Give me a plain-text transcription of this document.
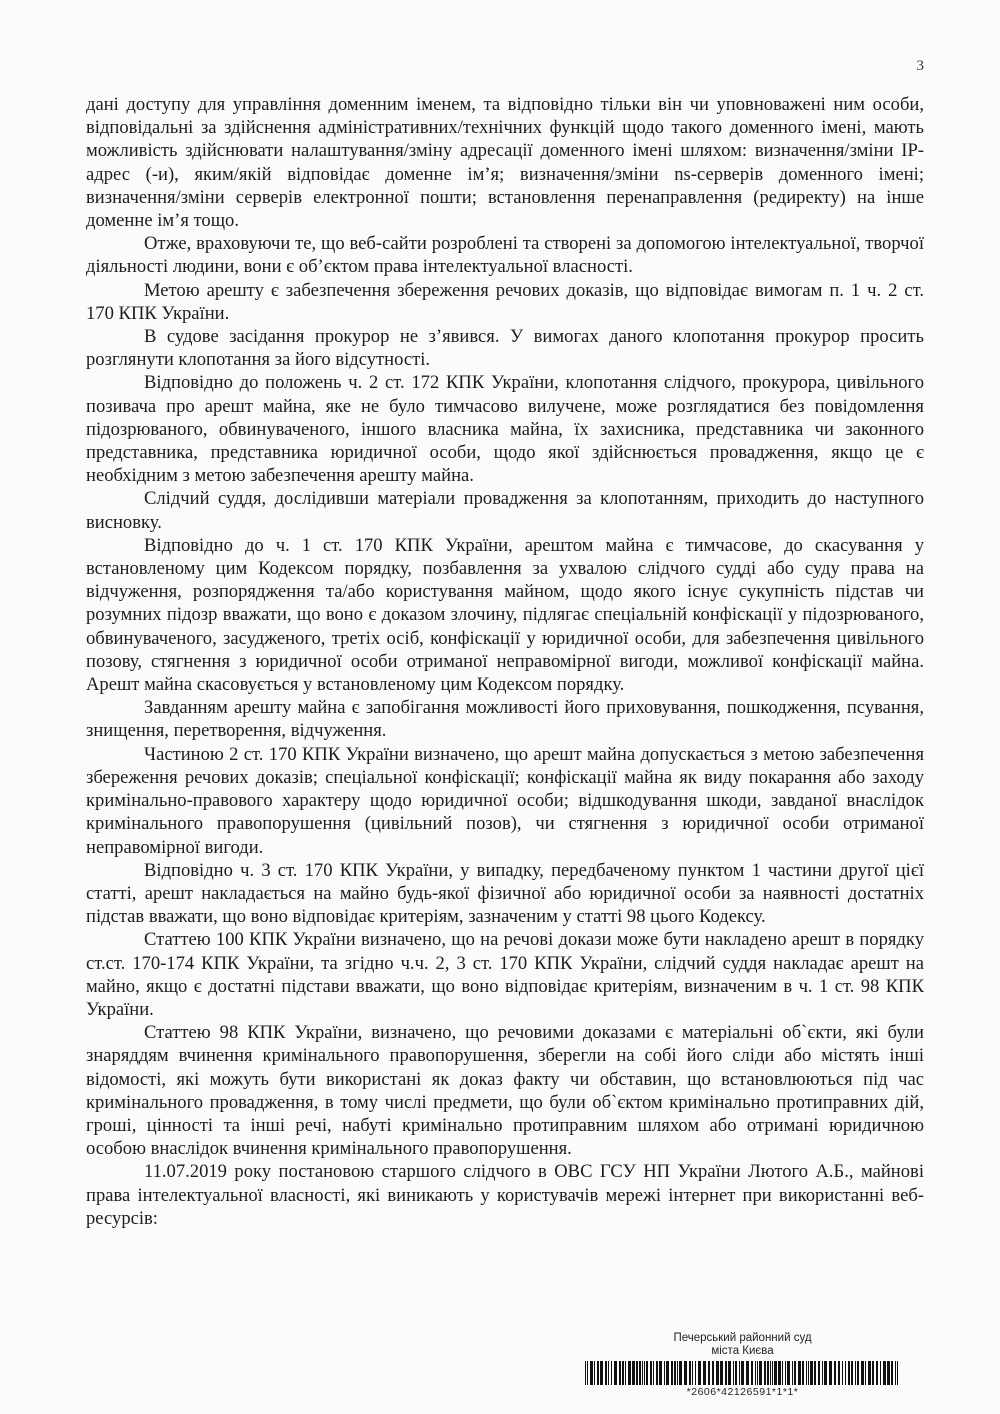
3

дані доступу для управління доменним іменем, та відповідно тільки він чи уповноважені ним особи, відповідальні за здійснення адміністративних/технічних функцій щодо такого доменного імені, мають можливість здійснювати налаштування/зміну адресації доменного імені шляхом: визначення/зміни IP-адрес (-и), яким/якій відповідає доменне ім’я; визначення/зміни ns-серверів доменного імені; визначення/зміни серверів електронної пошти; встановлення перенаправлення (редиректу) на інше доменне ім’я тощо.

Отже, враховуючи те, що веб-сайти розроблені та створені за допомогою інтелектуальної, творчої діяльності людини, вони є об’єктом права інтелектуальної власності.

Метою арешту є забезпечення збереження речових доказів, що відповідає вимогам п. 1 ч. 2 ст. 170 КПК України.

В судове засідання прокурор не з’явився. У вимогах даного клопотання прокурор просить розглянути клопотання за його відсутності.

Відповідно до положень ч. 2 ст. 172 КПК України, клопотання слідчого, прокурора, цивільного позивача про арешт майна, яке не було тимчасово вилучене, може розглядатися без повідомлення підозрюваного, обвинуваченого, іншого власника майна, їх захисника, представника чи законного представника, представника юридичної особи, щодо якої здійснюється провадження, якщо це є необхідним з метою забезпечення арешту майна.

Слідчий суддя, дослідивши матеріали провадження за клопотанням, приходить до наступного висновку.

Відповідно до ч. 1 ст. 170 КПК України, арештом майна є тимчасове, до скасування у встановленому цим Кодексом порядку, позбавлення за ухвалою слідчого судді або суду права на відчуження, розпорядження та/або користування майном, щодо якого існує сукупність підстав чи розумних підозр вважати, що воно є доказом злочину, підлягає спеціальній конфіскації у підозрюваного, обвинуваченого, засудженого, третіх осіб, конфіскації у юридичної особи, для забезпечення цивільного позову, стягнення з юридичної особи отриманої неправомірної вигоди, можливої конфіскації майна. Арешт майна скасовується у встановленому цим Кодексом порядку.

Завданням арешту майна є запобігання можливості його приховування, пошкодження, псування, знищення, перетворення, відчуження.

Частиною 2 ст. 170 КПК України визначено, що арешт майна допускається з метою забезпечення збереження речових доказів; спеціальної конфіскації; конфіскації майна як виду покарання або заходу кримінально-правового характеру щодо юридичної особи; відшкодування шкоди, завданої внаслідок кримінального правопорушення (цивільний позов), чи стягнення з юридичної особи отриманої неправомірної вигоди.

Відповідно ч. 3 ст. 170 КПК України, у випадку, передбаченому пунктом 1 частини другої цієї статті, арешт накладається на майно будь-якої фізичної або юридичної особи за наявності достатніх підстав вважати, що воно відповідає критеріям, зазначеним у статті 98 цього Кодексу.

Статтею 100 КПК України визначено, що на речові докази може бути накладено арешт в порядку ст.ст. 170-174 КПК України, та згідно ч.ч. 2, 3 ст. 170 КПК України, слідчий суддя накладає арешт на майно, якщо є достатні підстави вважати, що воно відповідає критеріям, визначеним в ч. 1 ст. 98 КПК України.

Статтею 98 КПК України, визначено, що речовими доказами є матеріальні об`єкти, які були знаряддям вчинення кримінального правопорушення, зберегли на собі його сліди або містять інші відомості, які можуть бути використані як доказ факту чи обставин, що встановлюються під час кримінального провадження, в тому числі предмети, що були об`єктом кримінально протиправних дій, гроші, цінності та інші речі, набуті кримінально протиправним шляхом або отримані юридичною особою внаслідок вчинення кримінального правопорушення.

11.07.2019 року постановою старшого слідчого в ОВС ГСУ НП України Лютого А.Б., майнові права інтелектуальної власності, які виникають у користувачів мережі інтернет при використанні веб-ресурсів:

Печерський районний суд
міста Києва
*2606*42126591*1*1*
